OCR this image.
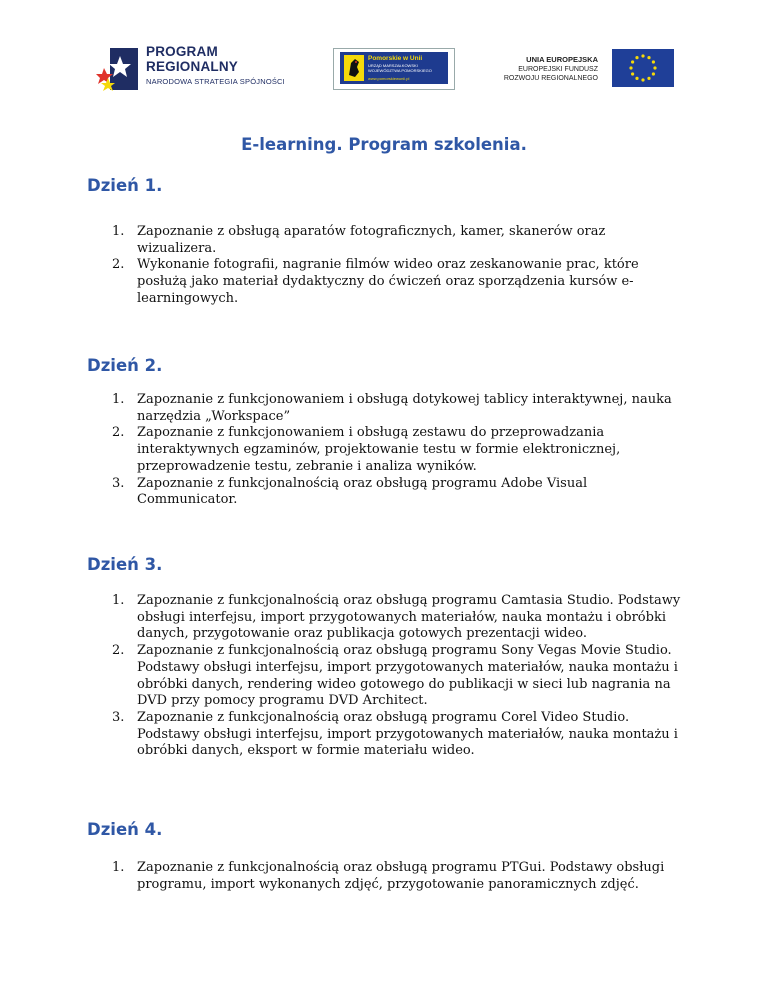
PROGRAM
REGIONALNY
NARODOWA STRATEGIA SPÓJNOŚCI
Pomorskie w Unii
URZĄD MARSZAŁKOWSKI WOJEWÓDZTWA POMORSKIEGO
www.pomorskiewunii.pl
UNIA EUROPEJSKA
EUROPEJSKI FUNDUSZ
ROZWOJU REGIONALNEGO
E-learning. Program szkolenia.
Dzień 1.
1. Zapoznanie z obsługą aparatów fotograficznych, kamer, skanerów oraz wizualizera.
2. Wykonanie fotografii, nagranie filmów wideo oraz zeskanowanie prac, które posłużą jako materiał dydaktyczny do ćwiczeń oraz sporządzenia kursów e-learningowych.
Dzień 2.
1. Zapoznanie z funkcjonowaniem i obsługą dotykowej tablicy interaktywnej, nauka narzędzia „Workspace”
2. Zapoznanie z funkcjonowaniem i obsługą zestawu do przeprowadzania interaktywnych egzaminów, projektowanie testu w formie elektronicznej, przeprowadzenie testu, zebranie i analiza wyników.
3. Zapoznanie z funkcjonalnością oraz obsługą programu Adobe Visual Communicator.
Dzień 3.
1. Zapoznanie z funkcjonalnością oraz obsługą programu Camtasia Studio. Podstawy obsługi interfejsu, import przygotowanych materiałów, nauka montażu i obróbki danych, przygotowanie oraz publikacja gotowych prezentacji wideo.
2. Zapoznanie z funkcjonalnością oraz obsługą programu Sony Vegas Movie Studio. Podstawy obsługi interfejsu, import przygotowanych materiałów, nauka montażu i obróbki danych, rendering wideo gotowego do publikacji w sieci lub nagrania na DVD przy pomocy programu DVD Architect.
3. Zapoznanie z funkcjonalnością oraz obsługą programu Corel Video Studio. Podstawy obsługi interfejsu, import przygotowanych materiałów, nauka montażu i obróbki danych, eksport w formie materiału wideo.
Dzień 4.
1. Zapoznanie z funkcjonalnością oraz obsługą programu PTGui. Podstawy obsługi programu, import wykonanych zdjęć, przygotowanie panoramicznych zdjęć.
